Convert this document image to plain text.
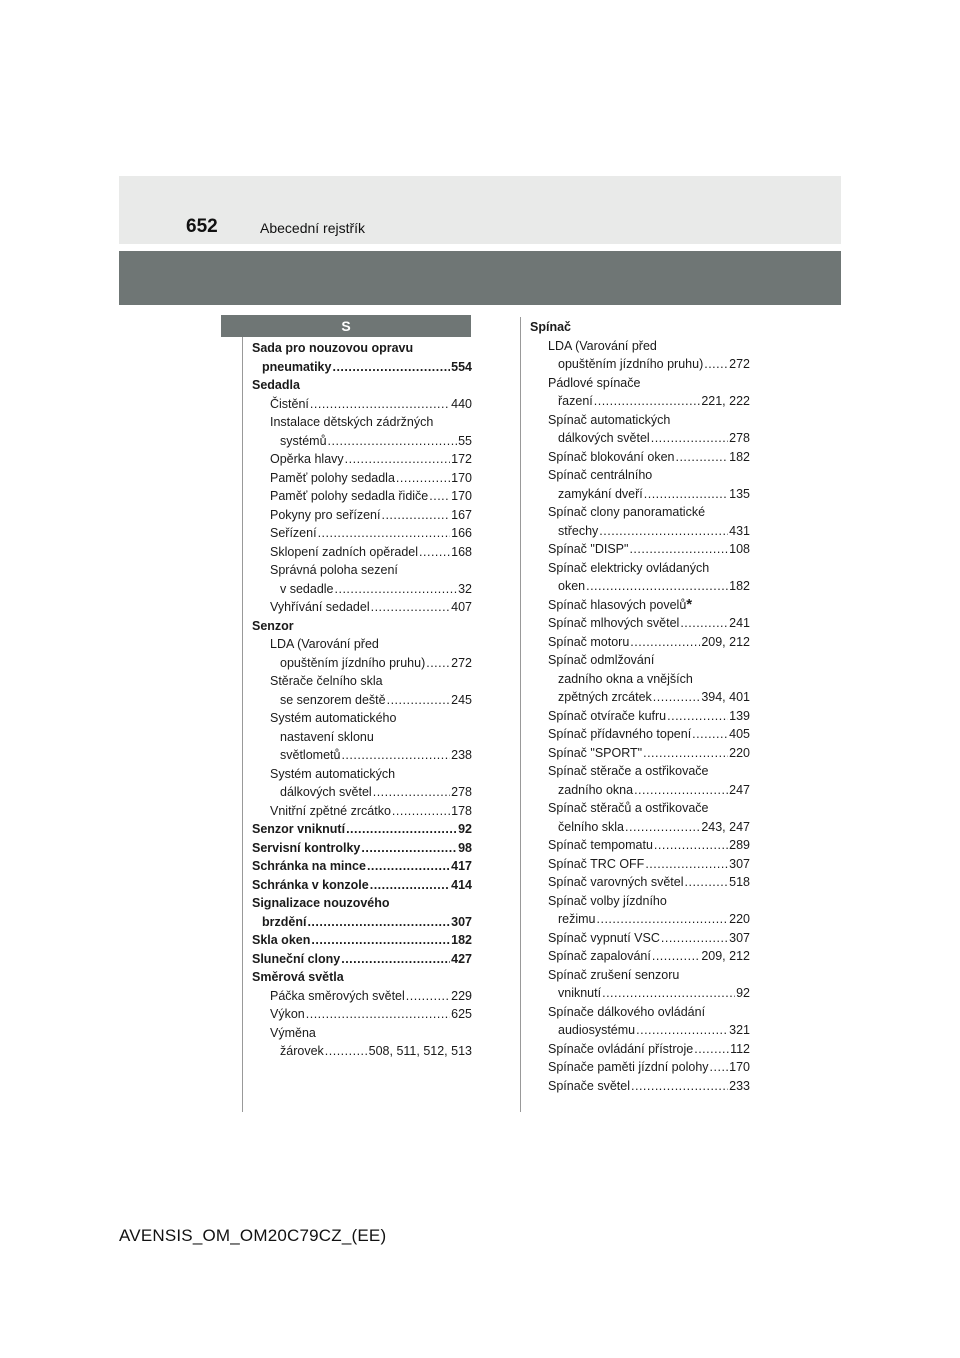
652	Abecední rejstřík
S
Sada pro nouzovou opravu
pneumatiky .....	554
Sedadla
Čistění .....	440
Instalace dětských zádržných
systémů .....	55
Opěrka hlavy .....	172
Paměť polohy sedadla .....	170
Paměť polohy sedadla řidiče ..... 170
Pokyny pro seřízení .....	167
Seřízení .....	166
Sklopení zadních opěradel .....	168
Správná poloha sezení
v sedadle .....	32
Vyhřívání sedadel .....	407
Senzor
LDA (Varování před
opuštěním jízdního pruhu) ..... 272
Stěrače čelního skla
se senzorem deště .....	245
Systém automatického
nastavení sklonu
světlometů .....	238
Systém automatických
dálkových světel .....	278
Vnitřní zpětné zrcátko .....	178
Senzor vniknutí .....	92
Servisní kontrolky .....	98
Schránka na mince .....	417
Schránka v konzole .....	414
Signalizace nouzového
brzdění .....	307
Skla oken .....	182
Sluneční clony .....	427
Směrová světla
Páčka směrových světel .....	229
Výkon .....	625
Výměna
žárovek .....	508, 511, 512, 513
Spínač
LDA (Varování před
opuštěním jízdního pruhu) ..... 272
Pádlové spínače
řazení .....	221, 222
Spínač automatických
dálkových světel .....	278
Spínač blokování oken .....	182
Spínač centrálního
zamykání dveří .....	135
Spínač clony panoramatické
střechy .....	431
Spínač "DISP" .....	108
Spínač elektricky ovládaných
oken .....	182
Spínač hlasových povelů *
Spínač mlhových světel .....	241
Spínač motoru .....	209, 212
Spínač odmlžování
zadního okna a vnějších
zpětných zrcátek .....	394, 401
Spínač otvírače kufru .....	139
Spínač přídavného topení .....	405
Spínač "SPORT" .....	220
Spínač stěrače a ostřikovače
zadního okna .....	247
Spínač stěračů a ostřikovače
čelního skla .....	243, 247
Spínač tempomatu .....	289
Spínač TRC OFF .....	307
Spínač varovných světel .....	518
Spínač volby jízdního
režimu .....	220
Spínač vypnutí VSC .....	307
Spínač zapalování .....	209, 212
Spínač zrušení senzoru
vniknutí .....	92
Spínače dálkového ovládání
audiosystému .....	321
Spínače ovládání přístroje .....	112
Spínače paměti jízdní polohy ..... 170
Spínače světel .....	233
AVENSIS_OM_OM20C79CZ_(EE)
